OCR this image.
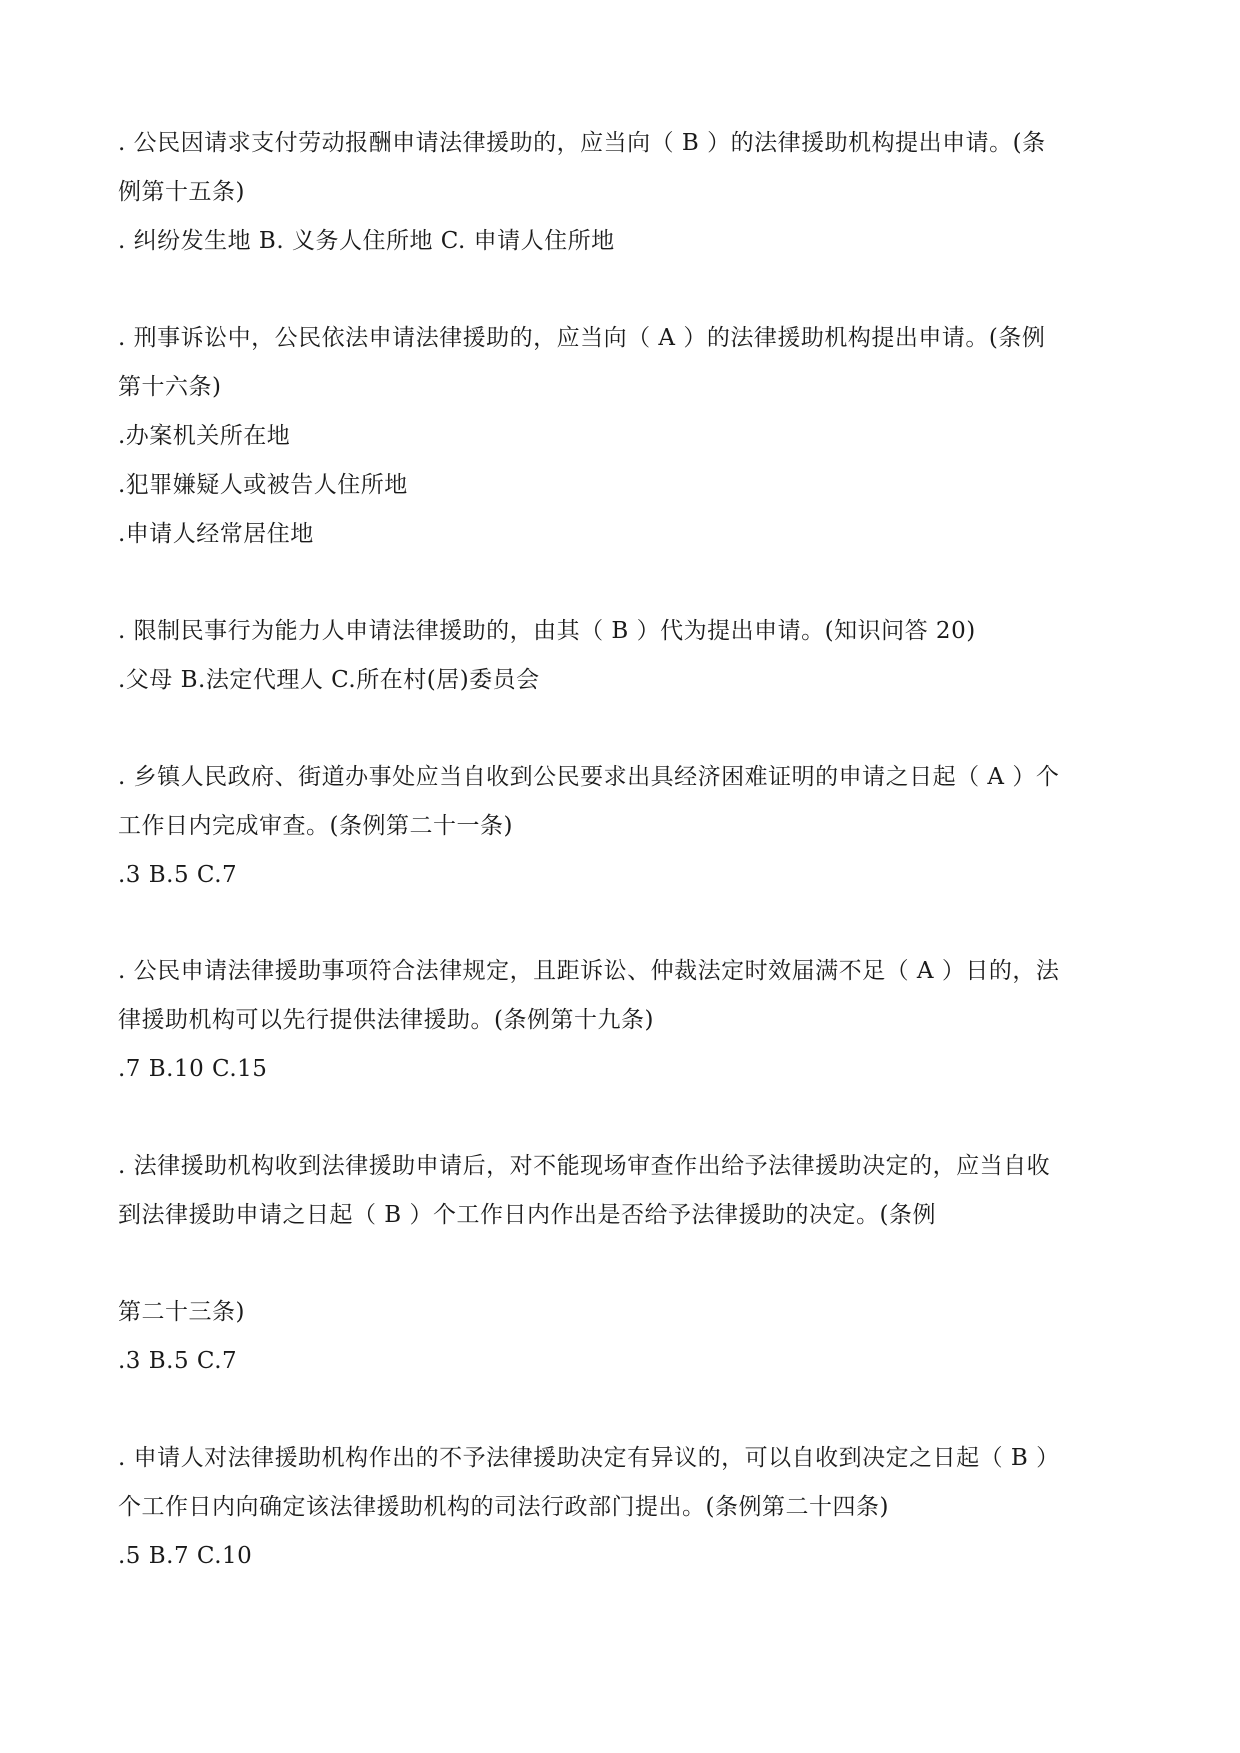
. 公民因请求支付劳动报酬申请法律援助的，应当向（ B ）的法律援助机构提出申请。(条
例第十五条)
. 纠纷发生地 B. 义务人住所地 C. 申请人住所地
. 刑事诉讼中，公民依法申请法律援助的，应当向（ A ）的法律援助机构提出申请。(条例
第十六条)
.办案机关所在地
.犯罪嫌疑人或被告人住所地
.申请人经常居住地
. 限制民事行为能力人申请法律援助的，由其（ B ）代为提出申请。(知识问答 20)
.父母 B.法定代理人 C.所在村(居)委员会
. 乡镇人民政府、街道办事处应当自收到公民要求出具经济困难证明的申请之日起（ A ）个
工作日内完成审查。(条例第二十一条)
.3 B.5 C.7
. 公民申请法律援助事项符合法律规定，且距诉讼、仲裁法定时效届满不足（ A ）日的，法
律援助机构可以先行提供法律援助。(条例第十九条)
.7 B.10 C.15
. 法律援助机构收到法律援助申请后，对不能现场审查作出给予法律援助决定的，应当自收
到法律援助申请之日起（ B ）个工作日内作出是否给予法律援助的决定。(条例
第二十三条)
.3 B.5 C.7
. 申请人对法律援助机构作出的不予法律援助决定有异议的，可以自收到决定之日起（ B ）
个工作日内向确定该法律援助机构的司法行政部门提出。(条例第二十四条)
.5 B.7 C.10
